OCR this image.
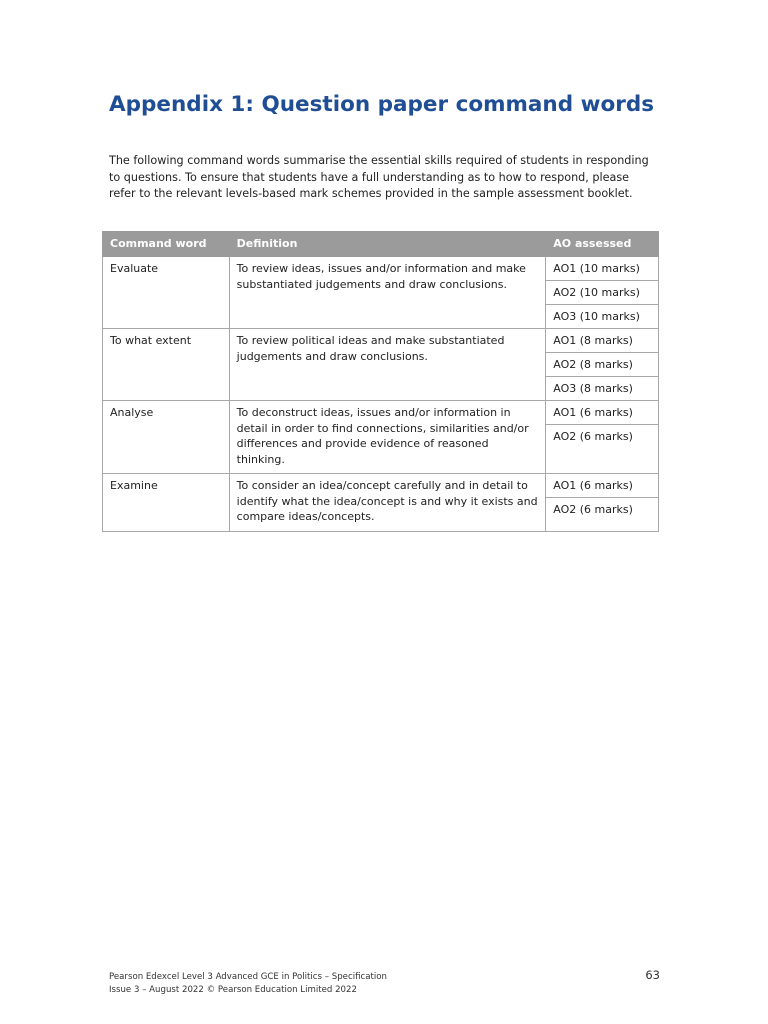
Appendix 1: Question paper command words

The following command words summarise the essential skills required of students in responding to questions. To ensure that students have a full understanding as to how to respond, please refer to the relevant levels-based mark schemes provided in the sample assessment booklet.

Command word	Definition	AO assessed
Evaluate	To review ideas, issues and/or information and make substantiated judgements and draw conclusions.	AO1 (10 marks)
AO2 (10 marks)
AO3 (10 marks)

To what extent	To review political ideas and make substantiated judgements and draw conclusions.	AO1 (8 marks)
AO2 (8 marks)
AO3 (8 marks)

Analyse	To deconstruct ideas, issues and/or information in detail in order to find connections, similarities and/or differences and provide evidence of reasoned thinking.	AO1 (6 marks)
AO2 (6 marks)

Examine	To consider an idea/concept carefully and in detail to identify what the idea/concept is and why it exists and compare ideas/concepts.	AO1 (6 marks)
AO2 (6 marks)
Pearson Edexcel Level 3 Advanced GCE in Politics – Specification
Issue 3 – August 2022 © Pearson Education Limited 2022
63
